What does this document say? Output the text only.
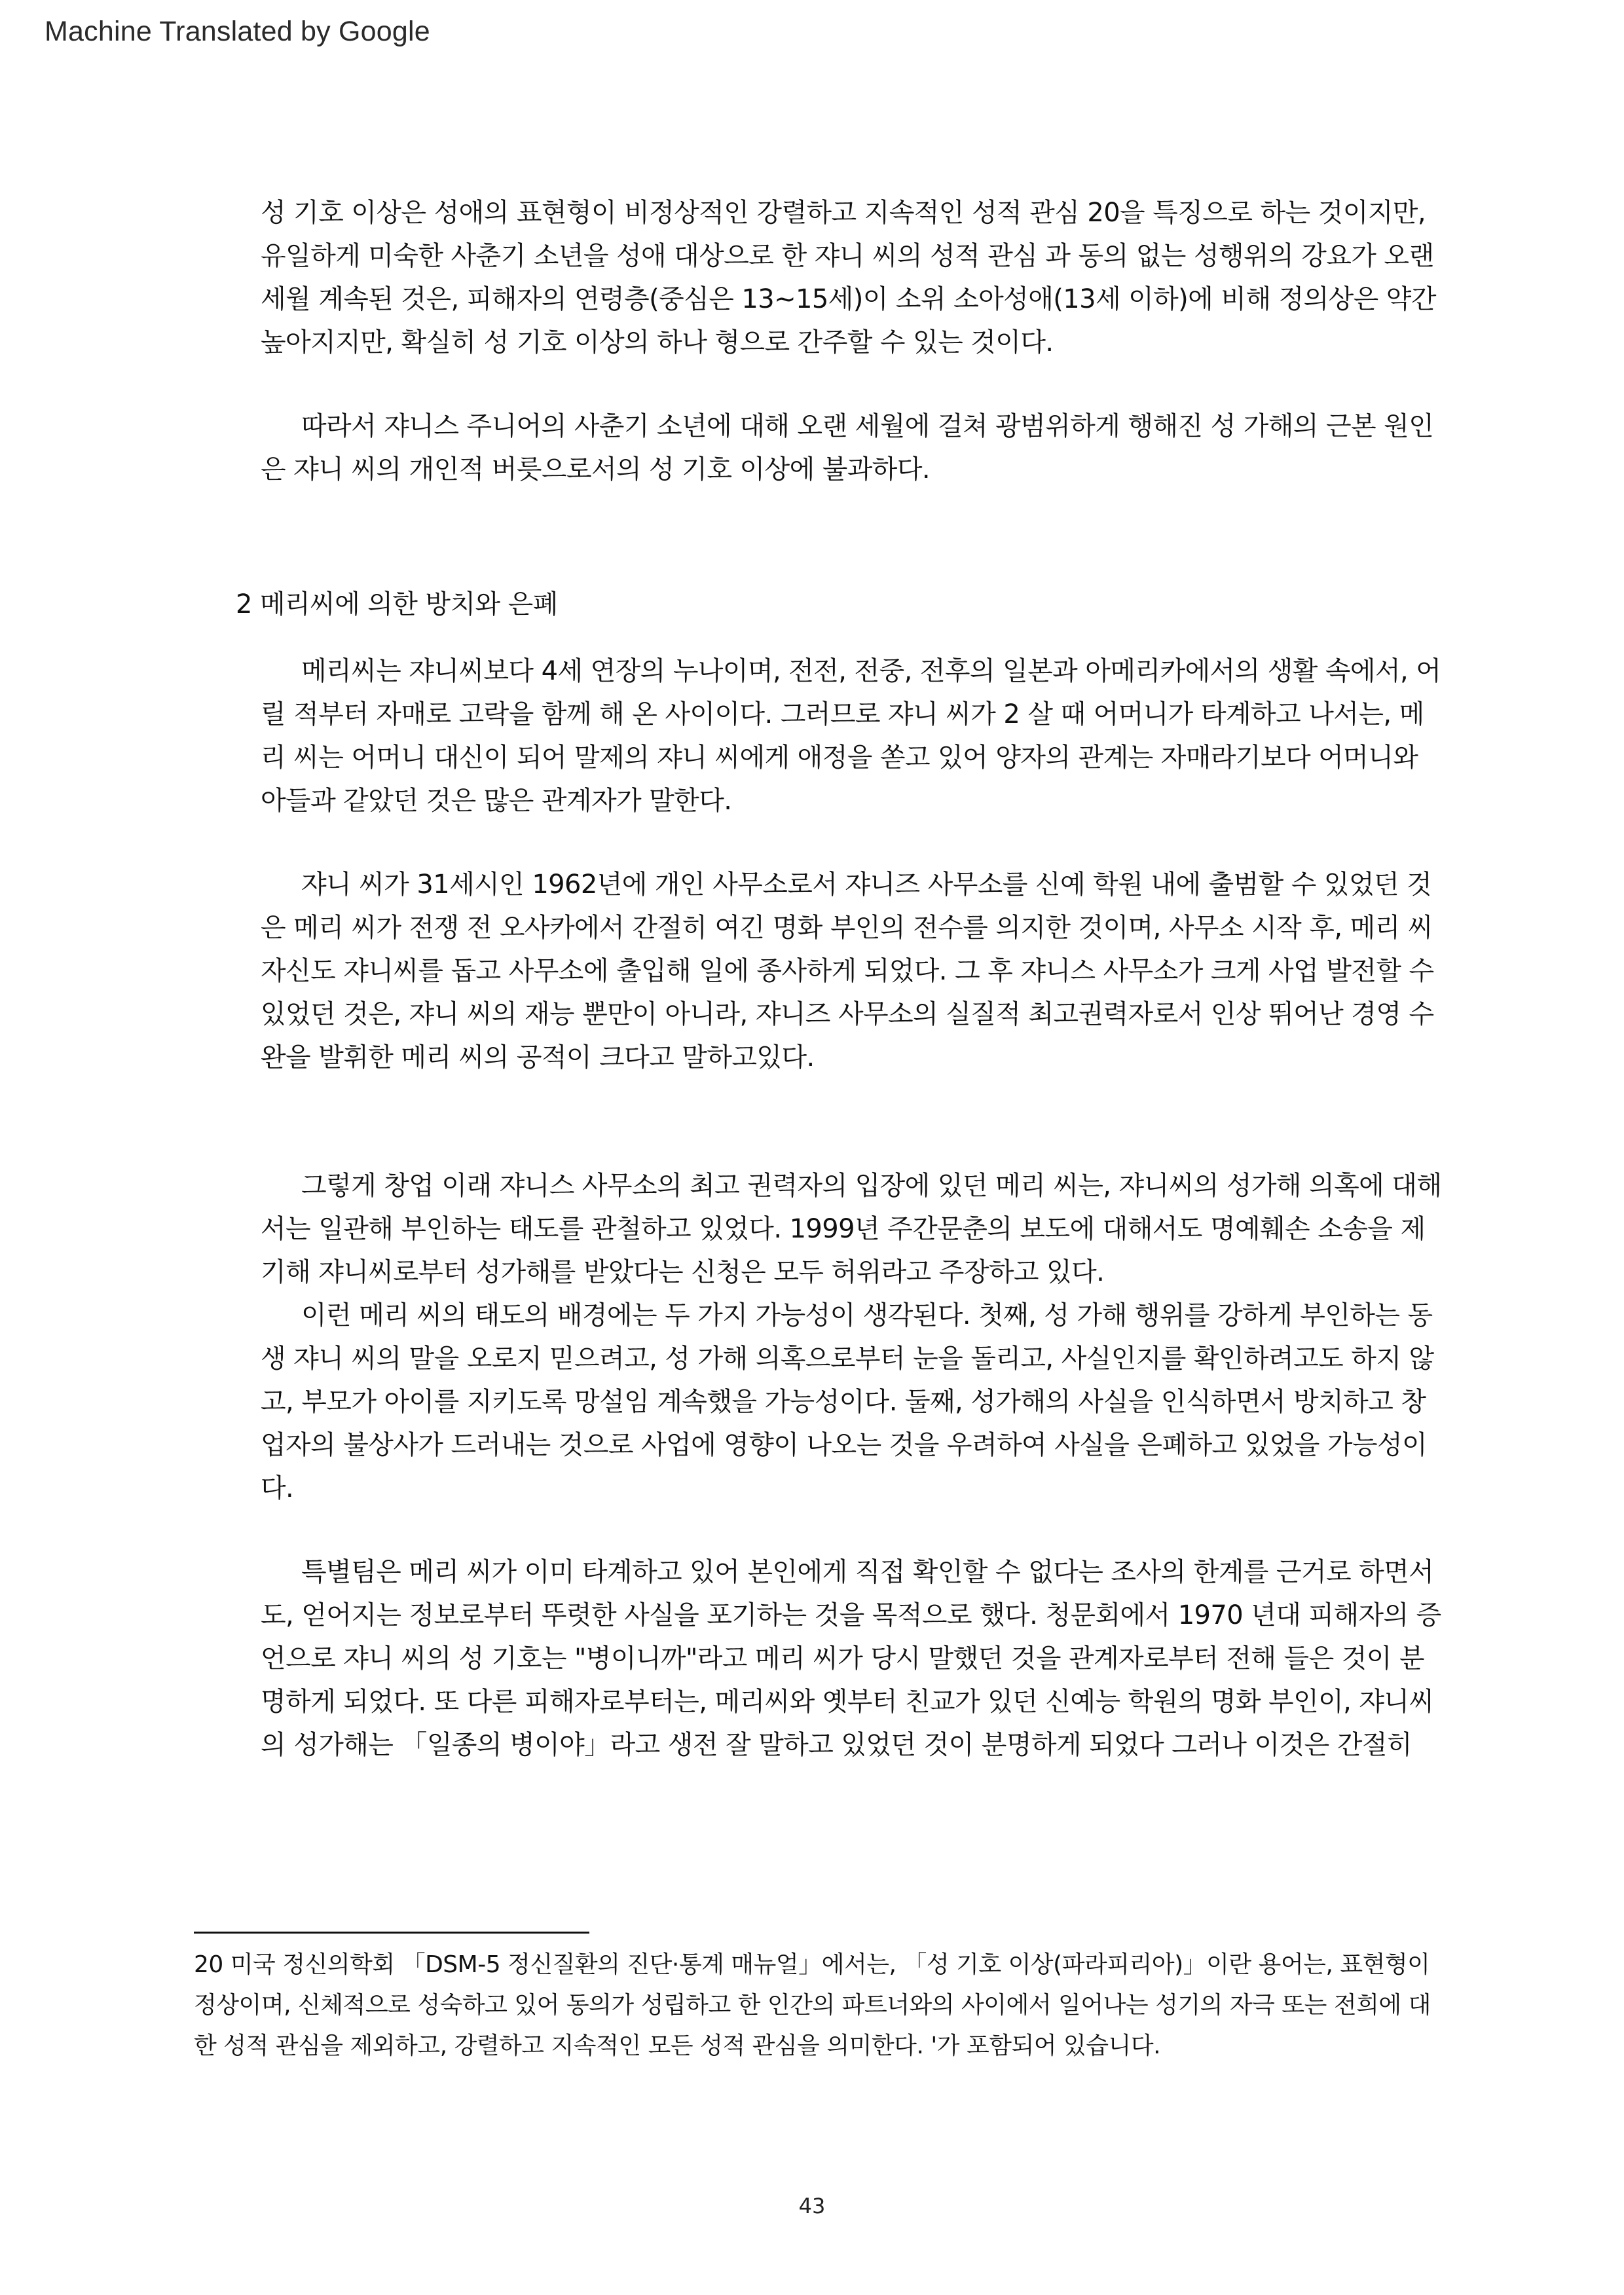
Machine Translated by Google

성 기호 이상은 성애의 표현형이 비정상적인 강렬하고 지속적인 성적 관심 20을 특징으로 하는 것이지만, 유일하게 미숙한 사춘기 소년을 성애 대상으로 한 쟈니 씨의 성적 관심 과 동의 없는 성행위의 강요가 오랜 세월 계속된 것은, 피해자의 연령층(중심은 13~15세)이 소위 소아성애(13세 이하)에 비해 정의상은 약간 높아지지만, 확실히 성 기호 이상의 하나 형으로 간주할 수 있는 것이다.

따라서 쟈니스 주니어의 사춘기 소년에 대해 오랜 세월에 걸쳐 광범위하게 행해진 성 가해의 근본 원인은 쟈니 씨의 개인적 버릇으로서의 성 기호 이상에 불과하다.

2 메리씨에 의한 방치와 은폐

메리씨는 쟈니씨보다 4세 연장의 누나이며, 전전, 전중, 전후의 일본과 아메리카에서의 생활 속에서, 어릴 적부터 자매로 고락을 함께 해 온 사이이다. 그러므로 쟈니 씨가 2 살 때 어머니가 타계하고 나서는, 메리 씨는 어머니 대신이 되어 말제의 쟈니 씨에게 애정을 쏟고 있어 양자의 관계는 자매라기보다 어머니와 아들과 같았던 것은 많은 관계자가 말한다.

쟈니 씨가 31세시인 1962년에 개인 사무소로서 쟈니즈 사무소를 신예 학원 내에 출범할 수 있었던 것은 메리 씨가 전쟁 전 오사카에서 간절히 여긴 명화 부인의 전수를 의지한 것이며, 사무소 시작 후, 메리 씨 자신도 쟈니씨를 돕고 사무소에 출입해 일에 종사하게 되었다. 그 후 쟈니스 사무소가 크게 사업 발전할 수 있었던 것은, 쟈니 씨의 재능 뿐만이 아니라, 쟈니즈 사무소의 실질적 최고권력자로서 인상 뛰어난 경영 수완을 발휘한 메리 씨의 공적이 크다고 말하고있다.

그렇게 창업 이래 쟈니스 사무소의 최고 권력자의 입장에 있던 메리 씨는, 쟈니씨의 성가해 의혹에 대해서는 일관해 부인하는 태도를 관철하고 있었다. 1999년 주간문춘의 보도에 대해서도 명예훼손 소송을 제기해 쟈니씨로부터 성가해를 받았다는 신청은 모두 허위라고 주장하고 있다.

이런 메리 씨의 태도의 배경에는 두 가지 가능성이 생각된다. 첫째, 성 가해 행위를 강하게 부인하는 동생 쟈니 씨의 말을 오로지 믿으려고, 성 가해 의혹으로부터 눈을 돌리고, 사실인지를 확인하려고도 하지 않고, 부모가 아이를 지키도록 망설임 계속했을 가능성이다. 둘째, 성가해의 사실을 인식하면서 방치하고 창업자의 불상사가 드러내는 것으로 사업에 영향이 나오는 것을 우려하여 사실을 은폐하고 있었을 가능성이다.

특별팀은 메리 씨가 이미 타계하고 있어 본인에게 직접 확인할 수 없다는 조사의 한계를 근거로 하면서도, 얻어지는 정보로부터 뚜렷한 사실을 포기하는 것을 목적으로 했다. 청문회에서 1970 년대 피해자의 증언으로 쟈니 씨의 성 기호는 "병이니까"라고 메리 씨가 당시 말했던 것을 관계자로부터 전해 들은 것이 분명하게 되었다. 또 다른 피해자로부터는, 메리씨와 옛부터 친교가 있던 신예능 학원의 명화 부인이, 쟈니씨의 성가해는 「일종의 병이야」라고 생전 잘 말하고 있었던 것이 분명하게 되었다 그러나 이것은 간절히

20 미국 정신의학회 「DSM-5 정신질환의 진단·통계 매뉴얼」에서는, 「성 기호 이상(파라피리아)」이란 용어는, 표현형이 정상이며, 신체적으로 성숙하고 있어 동의가 성립하고 한 인간의 파트너와의 사이에서 일어나는 성기의 자극 또는 전희에 대한 성적 관심을 제외하고, 강렬하고 지속적인 모든 성적 관심을 의미한다. '가 포함되어 있습니다.
43
